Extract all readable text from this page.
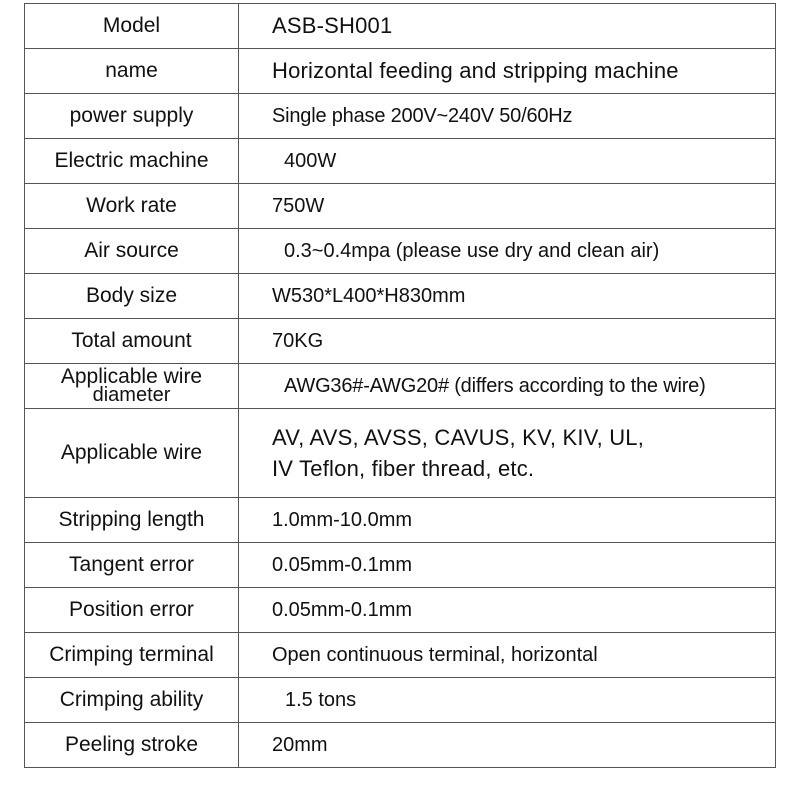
Model	ASB-SH001
name	Horizontal feeding and stripping machine
power supply	Single phase 200V~240V 50/60Hz
Electric machine	400W
Work rate	750W
Air source	0.3~0.4mpa (please use dry and clean air)
Body size	W530*L400*H830mm
Total amount	70KG
Applicable wire
diameter	AWG36#-AWG20# (differs according to the wire)
Applicable wire	AV, AVS, AVSS, CAVUS, KV, KIV, UL,
IV Teflon, fiber thread, etc.

Stripping length	1.0mm-10.0mm
Tangent error	0.05mm-0.1mm
Position error	0.05mm-0.1mm
Crimping terminal	Open continuous terminal, horizontal
Crimping ability	1.5 tons
Peeling stroke	20mm
